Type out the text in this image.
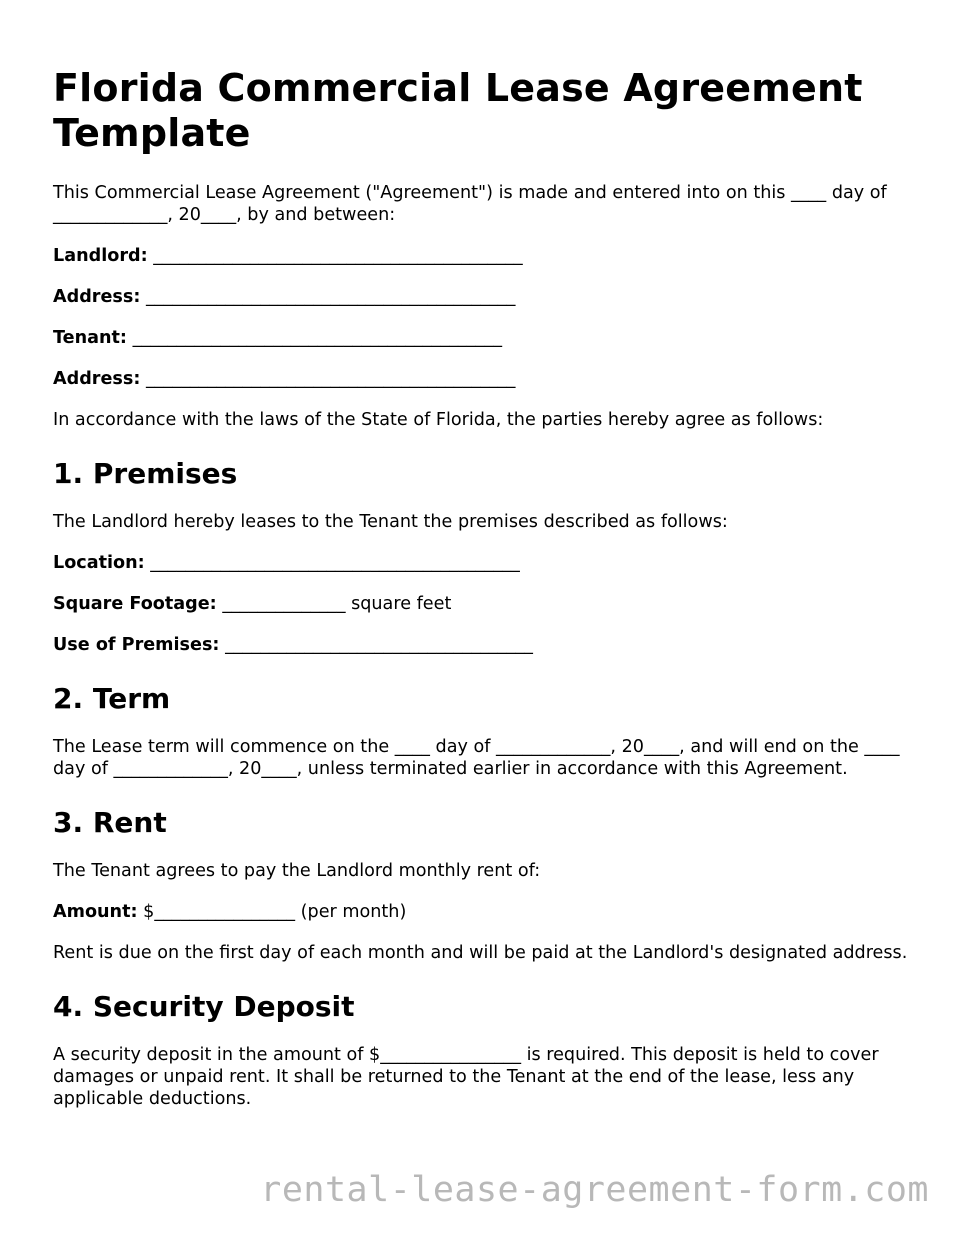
Florida Commercial Lease Agreement Template

This Commercial Lease Agreement ("Agreement") is made and entered into on this ____ day of _____________, 20____, by and between:

Landlord: __________________________________________

Address: __________________________________________

Tenant: __________________________________________

Address: __________________________________________

In accordance with the laws of the State of Florida, the parties hereby agree as follows:

1. Premises

The Landlord hereby leases to the Tenant the premises described as follows:

Location: __________________________________________

Square Footage: ______________ square feet

Use of Premises: ___________________________________

2. Term

The Lease term will commence on the ____ day of _____________, 20____, and will end on the ____ day of _____________, 20____, unless terminated earlier in accordance with this Agreement.

3. Rent

The Tenant agrees to pay the Landlord monthly rent of:

Amount: $________________ (per month)

Rent is due on the first day of each month and will be paid at the Landlord's designated address.

4. Security Deposit

A security deposit in the amount of $________________ is required. This deposit is held to cover damages or unpaid rent. It shall be returned to the Tenant at the end of the lease, less any applicable deductions.

rental-lease-agreement-form.com
